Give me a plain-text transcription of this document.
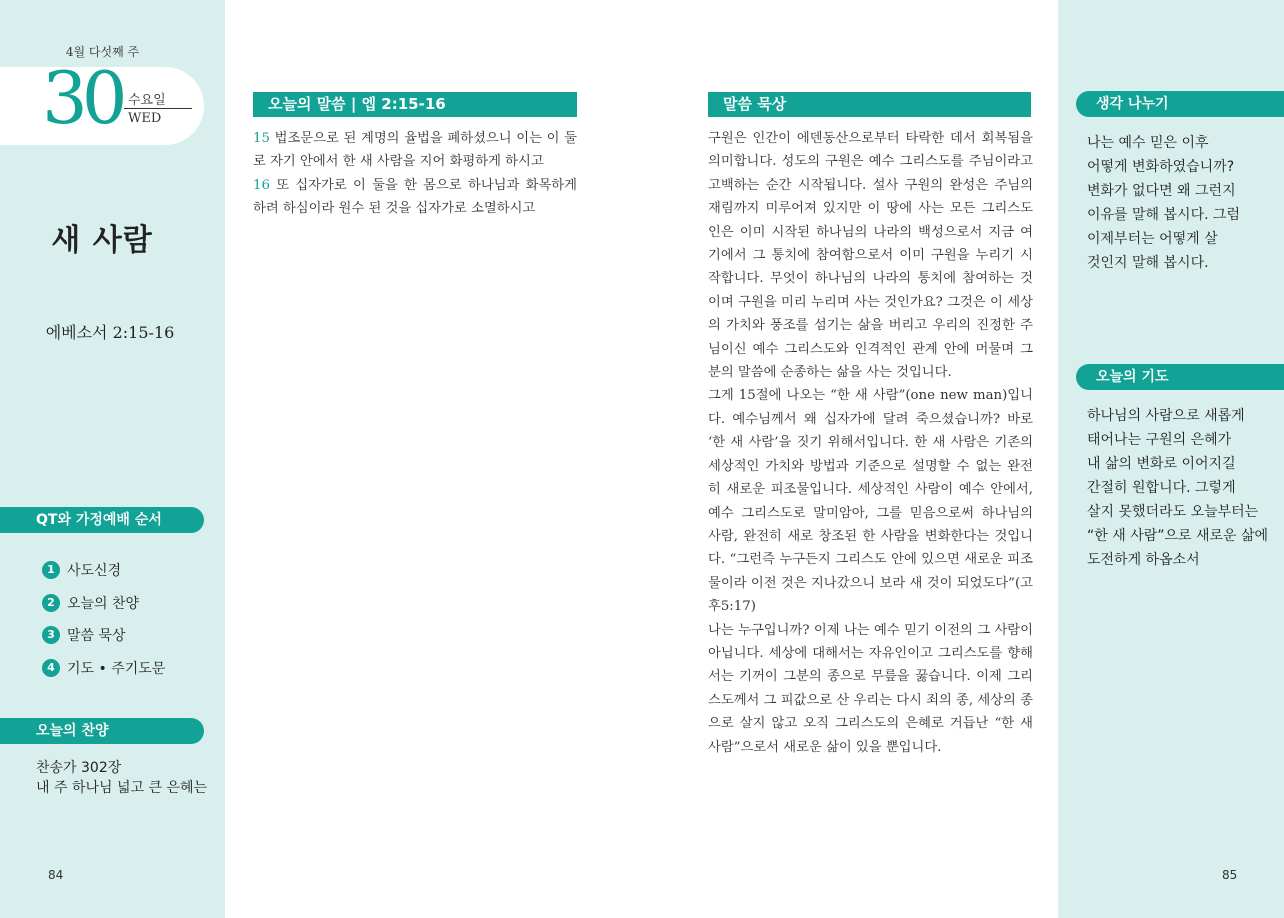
4월 다섯째 주
30 수요일
WED
새 사람
에베소서 2:15-16
QT와 가정예배 순서
1 사도신경
2 오늘의 찬양
3 말씀 묵상
4 기도 • 주기도문
오늘의 찬양
찬송가 302장
내 주 하나님 넓고 큰 은혜는
84
오늘의 말씀 | 엡 2:15-16
15 법조문으로 된 계명의 율법을 폐하셨으니 이는 이 둘로 자기 안에서 한 새 사람을 지어 화평하게 하시고
16 또 십자가로 이 둘을 한 몸으로 하나님과 화목하게 하려 하심이라 원수 된 것을 십자가로 소멸하시고
말씀 묵상

구원은 인간이 에덴동산으로부터 타락한 데서 회복됨을 의미합니다. 성도의 구원은 예수 그리스도를 주님이라고 고백하는 순간 시작됩니다. 설사 구원의 완성은 주님의 재림까지 미루어져 있지만 이 땅에 사는 모든 그리스도인은 이미 시작된 하나님의 나라의 백성으로서 지금 여기에서 그 통치에 참여함으로서 이미 구원을 누리기 시작합니다. 무엇이 하나님의 나라의 통치에 참여하는 것이며 구원을 미리 누리며 사는 것인가요? 그것은 이 세상의 가치와 풍조를 섬기는 삶을 버리고 우리의 진정한 주님이신 예수 그리스도와 인격적인 관계 안에 머물며 그분의 말씀에 순종하는 삶을 사는 것입니다.

그게 15절에 나오는 “한 새 사람”(one new man)입니다. 예수님께서 왜 십자가에 달려 죽으셨습니까? 바로 ‘한 새 사람’을 짓기 위해서입니다. 한 새 사람은 기존의 세상적인 가치와 방법과 기준으로 설명할 수 없는 완전히 새로운 피조물입니다. 세상적인 사람이 예수 안에서, 예수 그리스도로 말미암아, 그를 믿음으로써 하나님의 사람, 완전히 새로 창조된 한 사람을 변화한다는 것입니다. “그런즉 누구든지 그리스도 안에 있으면 새로운 피조물이라 이전 것은 지나갔으니 보라 새 것이 되었도다”(고후5:17)

나는 누구입니까? 이제 나는 예수 믿기 이전의 그 사람이 아닙니다. 세상에 대해서는 자유인이고 그리스도를 향해서는 기꺼이 그분의 종으로 무릎을 꿇습니다. 이제 그리스도께서 그 피값으로 산 우리는 다시 죄의 종, 세상의 종으로 살지 않고 오직 그리스도의 은혜로 거듭난 “한 새 사람”으로서 새로운 삶이 있을 뿐입니다.

생각 나누기
나는 예수 믿은 이후
어떻게 변화하였습니까?
변화가 없다면 왜 그런지
이유를 말해 봅시다. 그럼
이제부터는 어떻게 살
것인지 말해 봅시다.
오늘의 기도
하나님의 사람으로 새롭게
태어나는 구원의 은혜가
내 삶의 변화로 이어지길
간절히 원합니다. 그렇게
살지 못했더라도 오늘부터는
“한 새 사람”으로 새로운 삶에
도전하게 하옵소서
85
